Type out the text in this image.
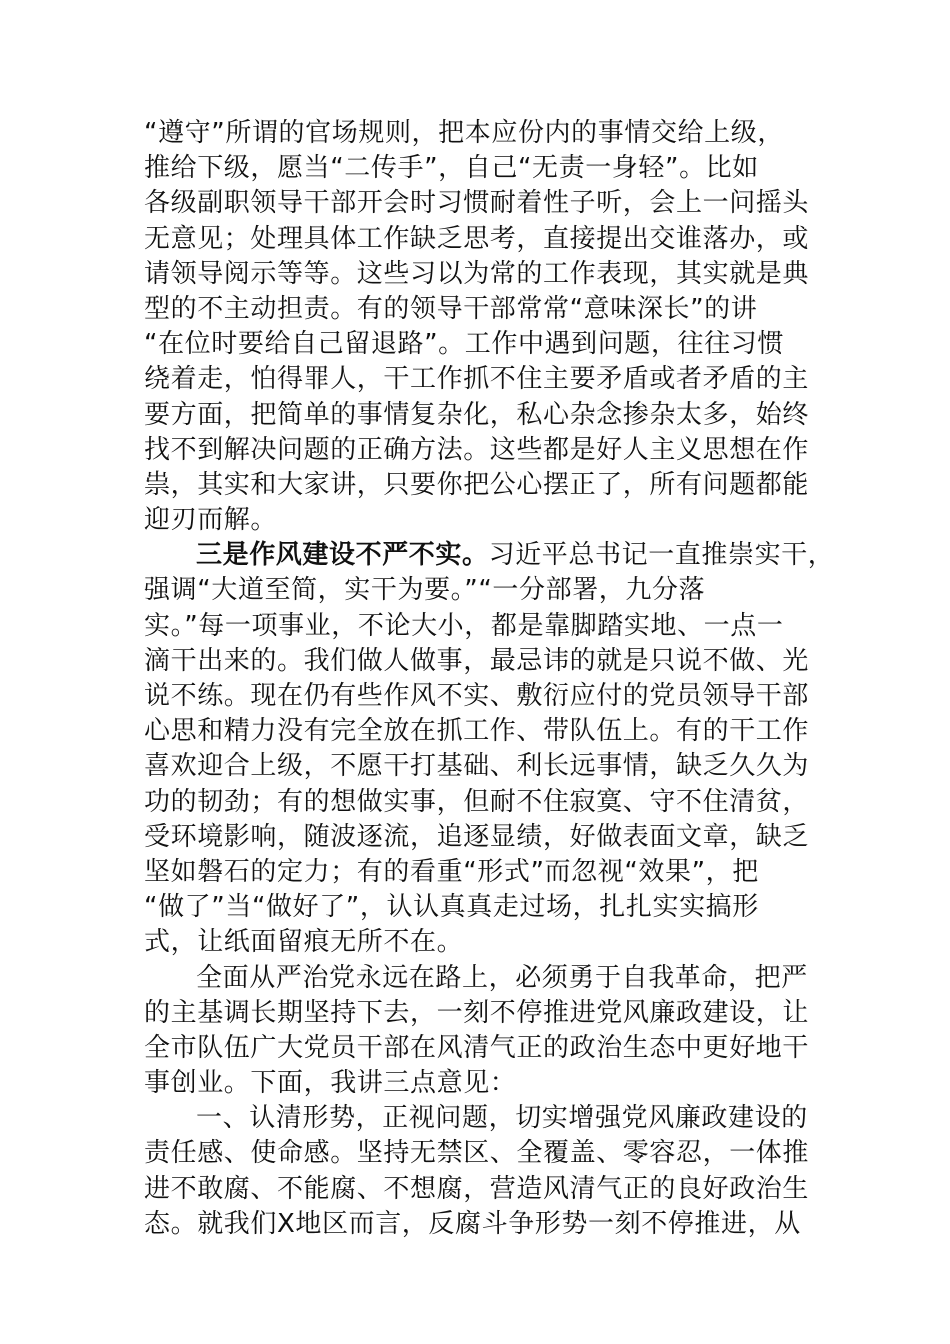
“遵守”所谓的官场规则，把本应份内的事情交给上级，
推给下级，愿当“二传手”，自己“无责一身轻”。比如
各级副职领导干部开会时习惯耐着性子听，会上一问摇头
无意见；处理具体工作缺乏思考，直接提出交谁落办，或
请领导阅示等等。这些习以为常的工作表现，其实就是典
型的不主动担责。有的领导干部常常“意味深长”的讲
“在位时要给自己留退路”。工作中遇到问题，往往习惯
绕着走，怕得罪人，干工作抓不住主要矛盾或者矛盾的主
要方面，把简单的事情复杂化，私心杂念掺杂太多，始终
找不到解决问题的正确方法。这些都是好人主义思想在作
祟，其实和大家讲，只要你把公心摆正了，所有问题都能
迎刃而解。
三是作风建设不严不实。习近平总书记一直推崇实干，
强调“大道至简，实干为要。”“一分部署，九分落
实。”每一项事业，不论大小，都是靠脚踏实地、一点一
滴干出来的。我们做人做事，最忌讳的就是只说不做、光
说不练。现在仍有些作风不实、敷衍应付的党员领导干部
心思和精力没有完全放在抓工作、带队伍上。有的干工作
喜欢迎合上级，不愿干打基础、利长远事情，缺乏久久为
功的韧劲；有的想做实事，但耐不住寂寞、守不住清贫，
受环境影响，随波逐流，追逐显绩，好做表面文章，缺乏
坚如磐石的定力；有的看重“形式”而忽视“效果”，把
“做了”当“做好了”，认认真真走过场，扎扎实实搞形
式，让纸面留痕无所不在。
全面从严治党永远在路上，必须勇于自我革命，把严
的主基调长期坚持下去，一刻不停推进党风廉政建设，让
全市队伍广大党员干部在风清气正的政治生态中更好地干
事创业。下面，我讲三点意见：
一、认清形势，正视问题，切实增强党风廉政建设的
责任感、使命感。坚持无禁区、全覆盖、零容忍，一体推
进不敢腐、不能腐、不想腐，营造风清气正的良好政治生
态。就我们X地区而言，反腐斗争形势一刻不停推进，从
